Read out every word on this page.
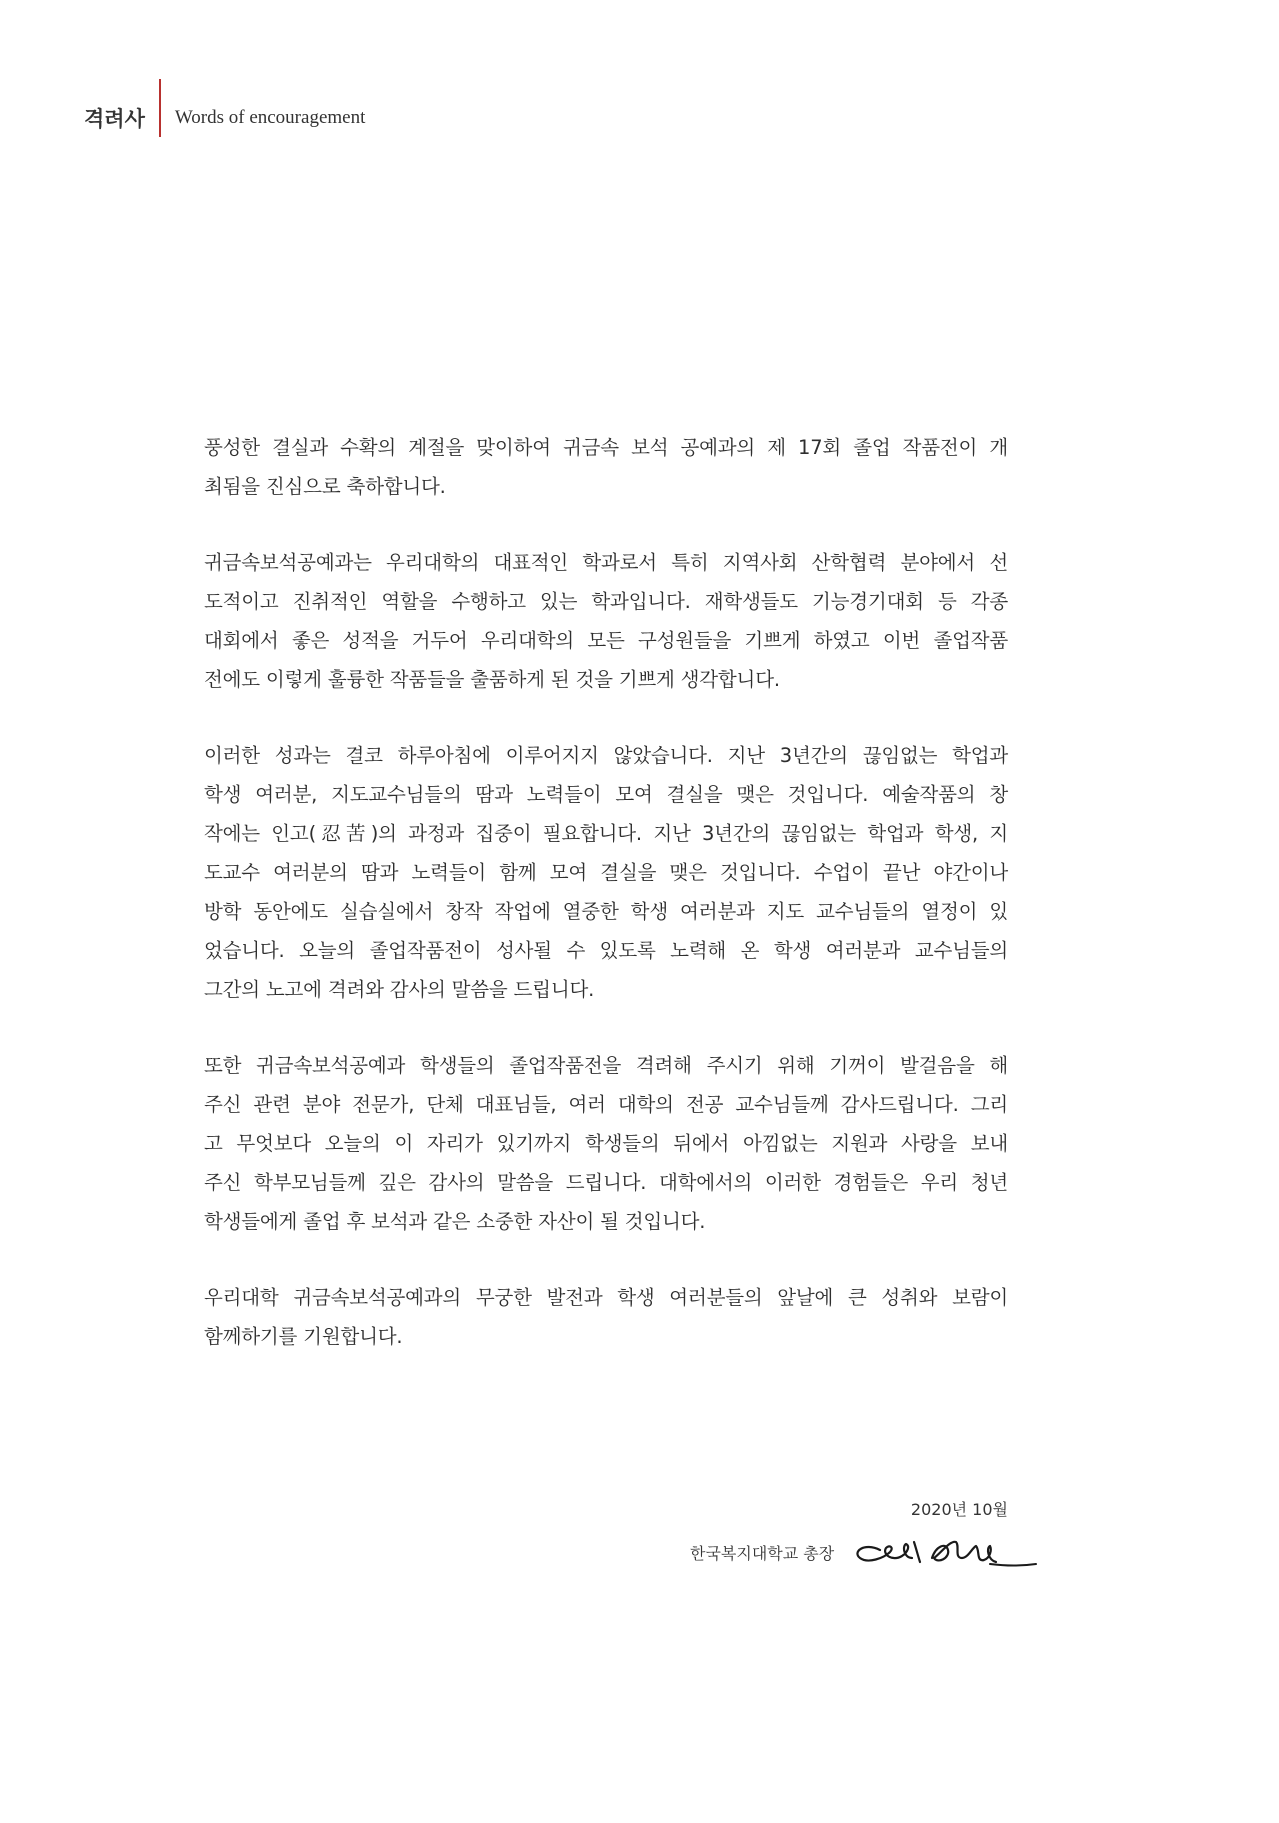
격려사 Words of encouragement

풍성한 결실과 수확의 계절을 맞이하여 귀금속 보석 공예과의 제 17회 졸업 작품전이 개
최됨을 진심으로 축하합니다.

귀금속보석공예과는 우리대학의 대표적인 학과로서 특히 지역사회 산학협력 분야에서 선
도적이고 진취적인 역할을 수행하고 있는 학과입니다. 재학생들도 기능경기대회 등 각종
대회에서 좋은 성적을 거두어 우리대학의 모든 구성원들을 기쁘게 하였고 이번 졸업작품
전에도 이렇게 훌륭한 작품들을 출품하게 된 것을 기쁘게 생각합니다.

이러한 성과는 결코 하루아침에 이루어지지 않았습니다. 지난 3년간의 끊임없는 학업과
학생 여러분, 지도교수님들의 땀과 노력들이 모여 결실을 맺은 것입니다. 예술작품의 창
작에는 인고(忍苦)의 과정과 집중이 필요합니다. 지난 3년간의 끊임없는 학업과 학생, 지
도교수 여러분의 땀과 노력들이 함께 모여 결실을 맺은 것입니다. 수업이 끝난 야간이나
방학 동안에도 실습실에서 창작 작업에 열중한 학생 여러분과 지도 교수님들의 열정이 있
었습니다. 오늘의 졸업작품전이 성사될 수 있도록 노력해 온 학생 여러분과 교수님들의
그간의 노고에 격려와 감사의 말씀을 드립니다.

또한 귀금속보석공예과 학생들의 졸업작품전을 격려해 주시기 위해 기꺼이 발걸음을 해
주신 관련 분야 전문가, 단체 대표님들, 여러 대학의 전공 교수님들께 감사드립니다. 그리
고 무엇보다 오늘의 이 자리가 있기까지 학생들의 뒤에서 아낌없는 지원과 사랑을 보내
주신 학부모님들께 깊은 감사의 말씀을 드립니다. 대학에서의 이러한 경험들은 우리 청년
학생들에게 졸업 후 보석과 같은 소중한 자산이 될 것입니다.

우리대학 귀금속보석공예과의 무궁한 발전과 학생 여러분들의 앞날에 큰 성취와 보람이
함께하기를 기원합니다.

2020년 10월
한국복지대학교 총장
